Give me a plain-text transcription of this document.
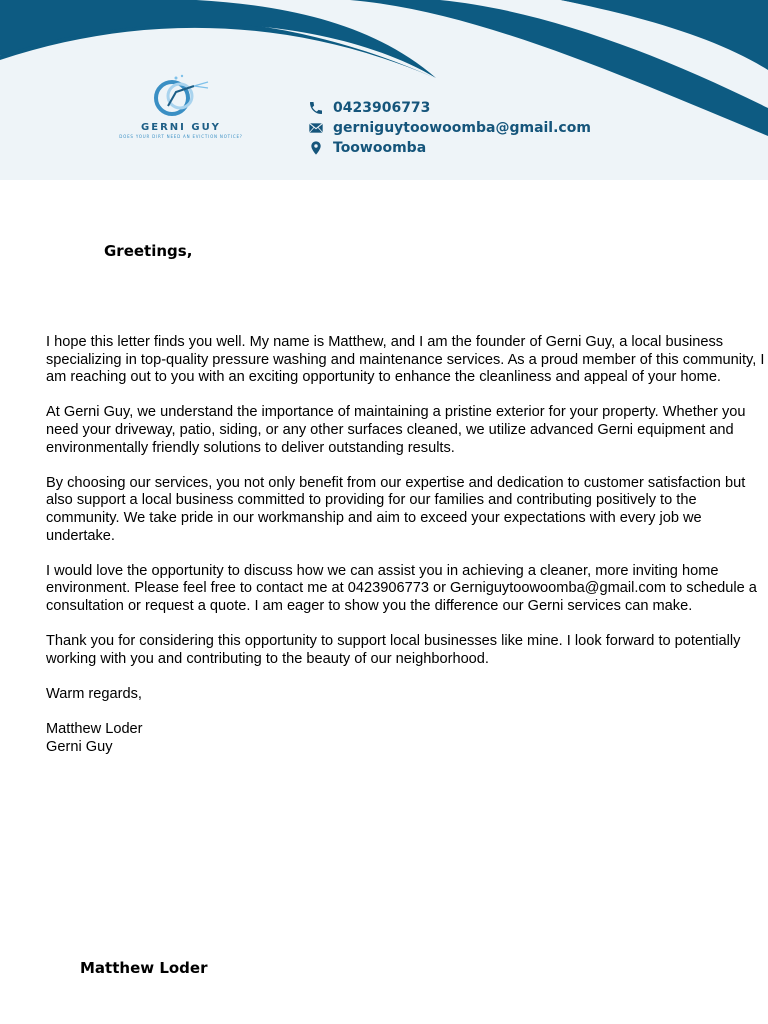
GERNI GUY
DOES YOUR DIRT NEED AN EVICTION NOTICE?
0423906773
gerniguytoowoomba@gmail.com
Toowoomba
Greetings,

I hope this letter finds you well. My name is Matthew, and I am the founder of Gerni Guy, a local business specializing in top-quality pressure washing and maintenance services. As a proud member of this community, I am reaching out to you with an exciting opportunity to enhance the cleanliness and appeal of your home.

At Gerni Guy, we understand the importance of maintaining a pristine exterior for your property. Whether you need your driveway, patio, siding, or any other surfaces cleaned, we utilize advanced Gerni equipment and environmentally friendly solutions to deliver outstanding results.

By choosing our services, you not only benefit from our expertise and dedication to customer satisfaction but also support a local business committed to providing for our families and contributing positively to the community. We take pride in our workmanship and aim to exceed your expectations with every job we undertake.

I would love the opportunity to discuss how we can assist you in achieving a cleaner, more inviting home environment. Please feel free to contact me at 0423906773 or Gerniguytoowoomba@gmail.com to schedule a consultation or request a quote. I am eager to show you the difference our Gerni services can make.

Thank you for considering this opportunity to support local businesses like mine. I look forward to potentially working with you and contributing to the beauty of our neighborhood.

Warm regards,

Matthew Loder

Gerni Guy

Matthew Loder
